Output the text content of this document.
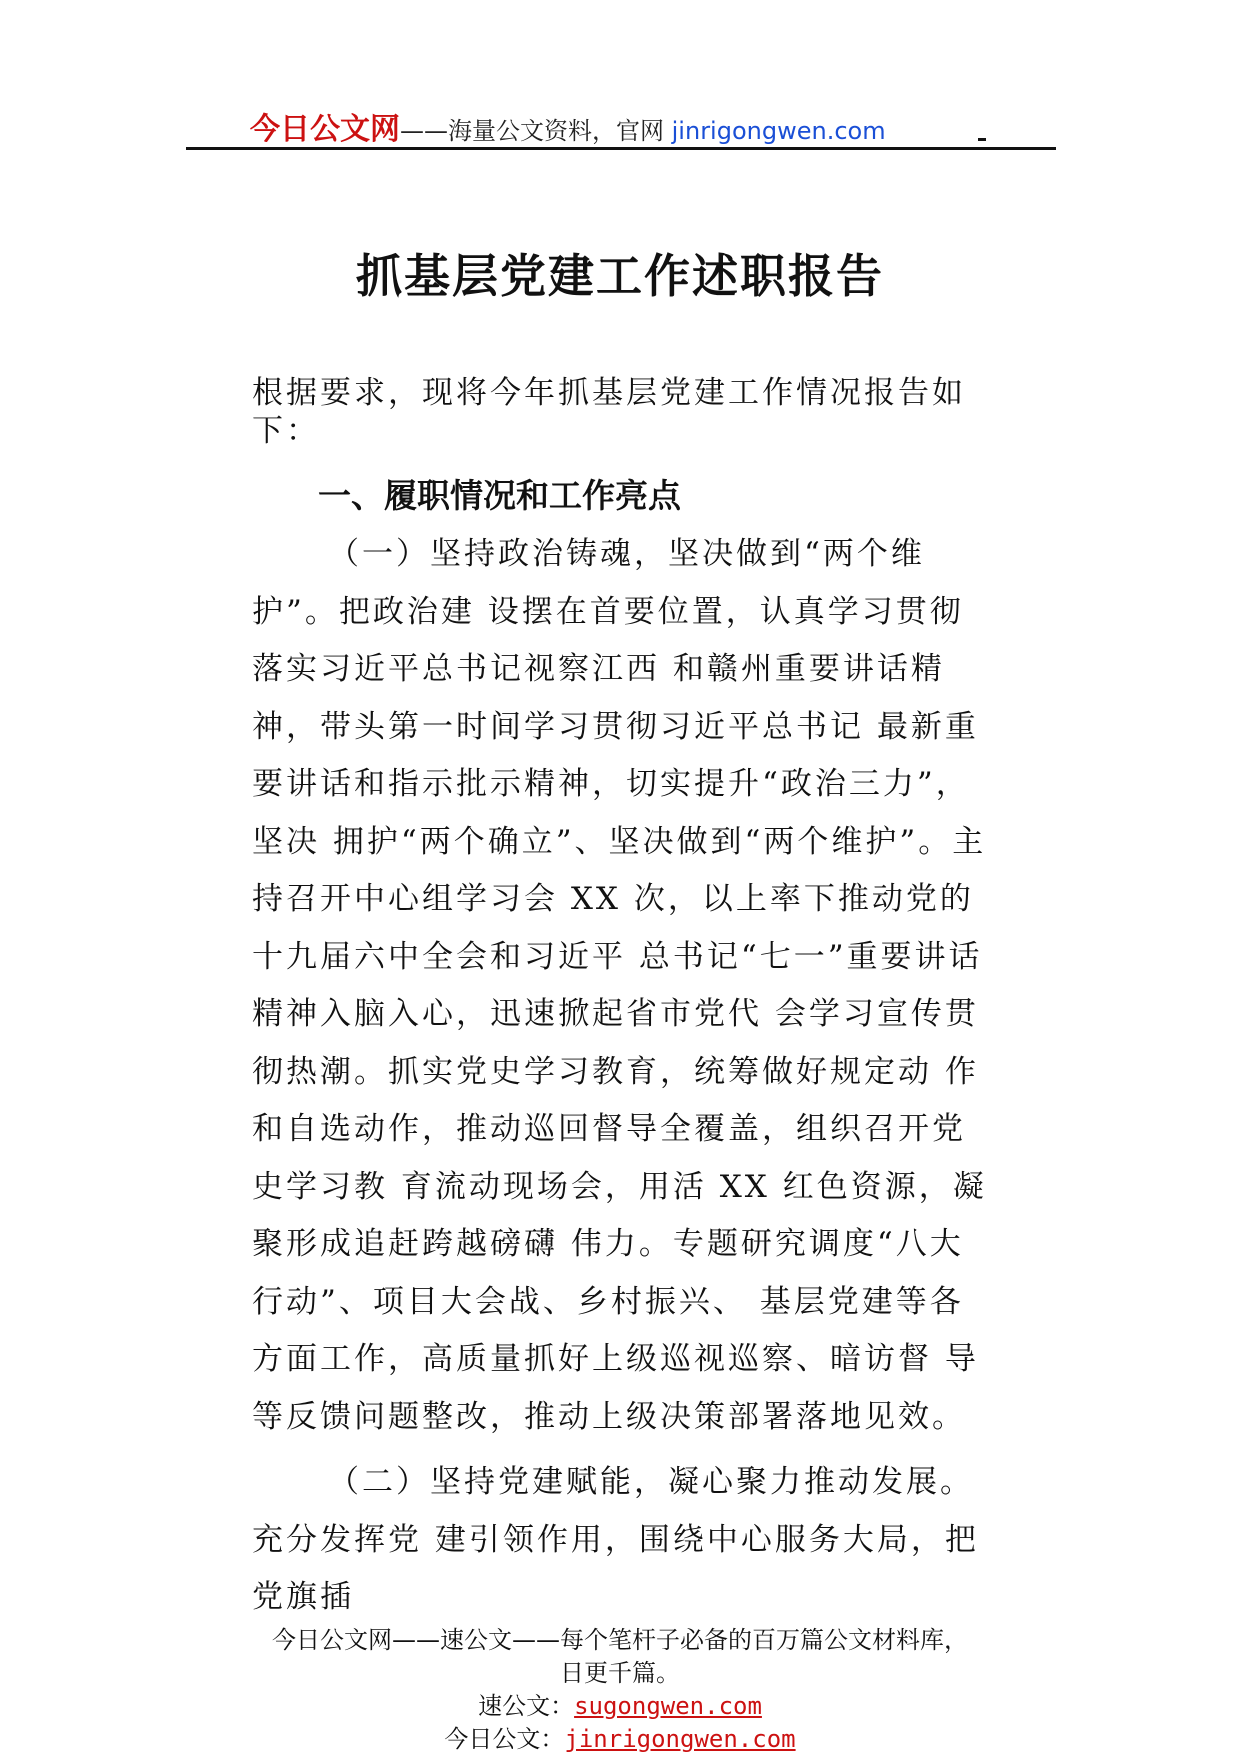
今日公文网——海量公文资料，官网 jinrigongwen.com
抓基层党建工作述职报告
根据要求，现将今年抓基层党建工作情况报告如下：
一、履职情况和工作亮点
（一）坚持政治铸魂，坚决做到“两个维护”。把政治建 设摆在首要位置，认真学习贯彻落实习近平总书记视察江西 和赣州重要讲话精神，带头第一时间学习贯彻习近平总书记 最新重要讲话和指示批示精神，切实提升“政治三力”，坚决 拥护“两个确立”、坚决做到“两个维护”。主持召开中心组学习会 XX 次，以上率下推动党的十九届六中全会和习近平 总书记“七一”重要讲话精神入脑入心，迅速掀起省市党代 会学习宣传贯彻热潮。抓实党史学习教育，统筹做好规定动 作和自选动作，推动巡回督导全覆盖，组织召开党史学习教 育流动现场会，用活 XX 红色资源，凝聚形成追赶跨越磅礴 伟力。专题研究调度“八大行动”、项目大会战、乡村振兴、 基层党建等各方面工作，高质量抓好上级巡视巡察、暗访督 导等反馈问题整改，推动上级决策部署落地见效。
（二）坚持党建赋能，凝心聚力推动发展。充分发挥党 建引领作用，围绕中心服务大局，把党旗插
今日公文网——速公文——每个笔杆子必备的百万篇公文材料库，
日更千篇。
速公文：sugongwen.com
今日公文：jinrigongwen.com
